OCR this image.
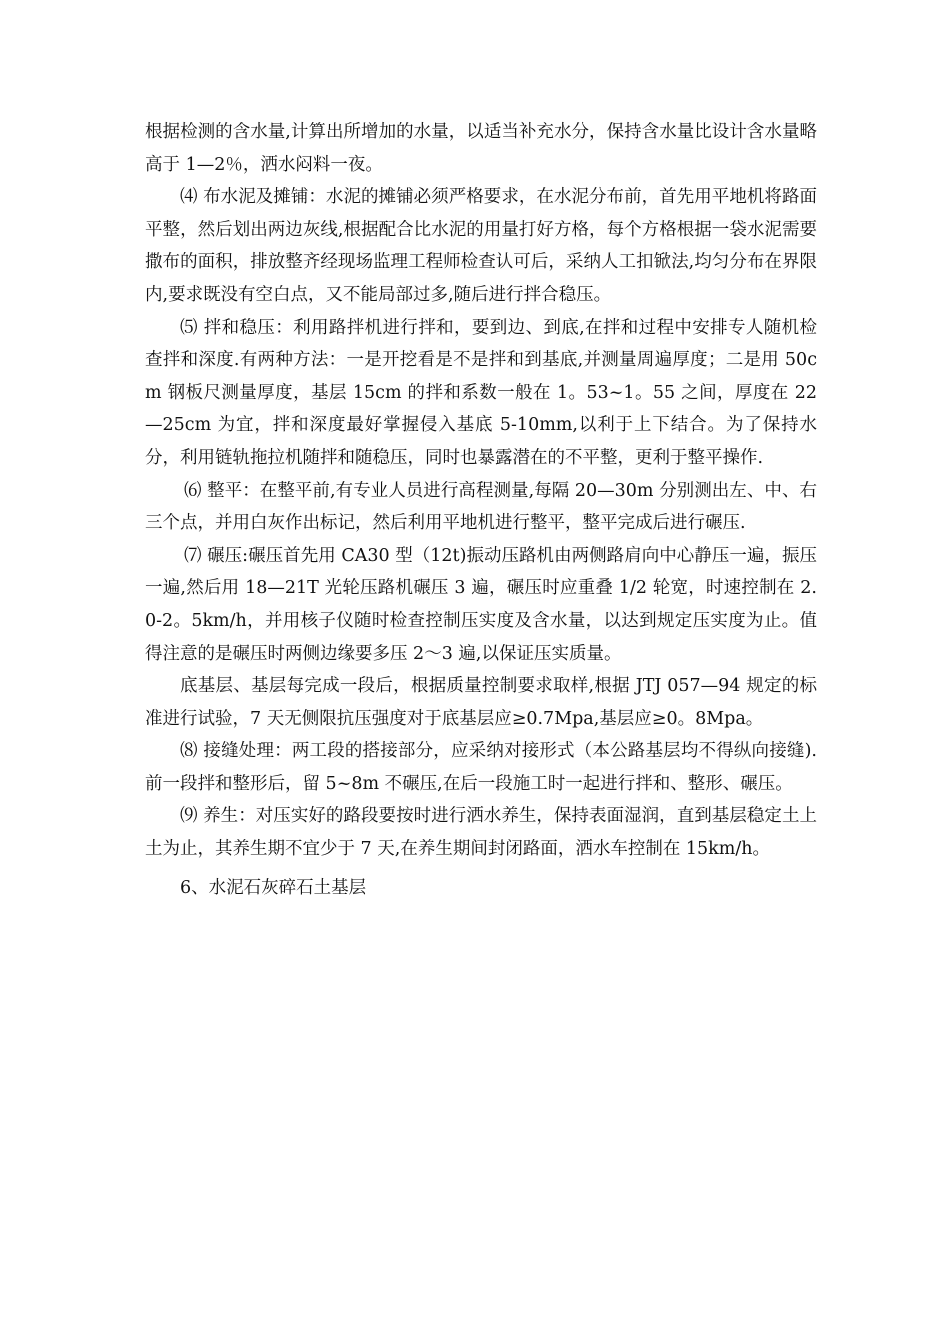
根据检测的含水量,计算出所增加的水量，以适当补充水分，保持含水量比设计含水量略高于 1—2％，洒水闷料一夜。

⑷ 布水泥及摊铺：水泥的摊铺必须严格要求，在水泥分布前，首先用平地机将路面平整，然后划出两边灰线,根据配合比水泥的用量打好方格，每个方格根据一袋水泥需要撒布的面积，排放整齐经现场监理工程师检查认可后，采纳人工扣锨法,均匀分布在界限内,要求既没有空白点，又不能局部过多,随后进行拌合稳压。

⑸ 拌和稳压：利用路拌机进行拌和，要到边、到底,在拌和过程中安排专人随机检查拌和深度.有两种方法：一是开挖看是不是拌和到基底,并测量周遍厚度；二是用 50cm 钢板尺测量厚度，基层 15cm 的拌和系数一般在 1。53~1。55 之间，厚度在 22—25cm 为宜，拌和深度最好掌握侵入基底 5-10mm,以利于上下结合。为了保持水分，利用链轨拖拉机随拌和随稳压，同时也暴露潜在的不平整，更利于整平操作.

⑹ 整平：在整平前,有专业人员进行高程测量,每隔 20—30m 分别测出左、中、右三个点，并用白灰作出标记，然后利用平地机进行整平，整平完成后进行碾压.

⑺ 碾压:碾压首先用 CA30 型（12t)振动压路机由两侧路肩向中心静压一遍，振压一遍,然后用 18—21T 光轮压路机碾压 3 遍，碾压时应重叠 1/2 轮宽，时速控制在 2.0-2。5km/h，并用核子仪随时检查控制压实度及含水量，以达到规定压实度为止。值得注意的是碾压时两侧边缘要多压 2～3 遍,以保证压实质量。

底基层、基层每完成一段后，根据质量控制要求取样,根据 JTJ 057—94 规定的标准进行试验，7 天无侧限抗压强度对于底基层应≥0.7Mpa,基层应≥0。8Mpa。

⑻ 接缝处理：两工段的搭接部分，应采纳对接形式（本公路基层均不得纵向接缝).前一段拌和整形后，留 5~8m 不碾压,在后一段施工时一起进行拌和、整形、碾压。

⑼ 养生：对压实好的路段要按时进行洒水养生，保持表面湿润，直到基层稳定土上土为止，其养生期不宜少于 7 天,在养生期间封闭路面，洒水车控制在 15km/h。

6、水泥石灰碎石土基层
